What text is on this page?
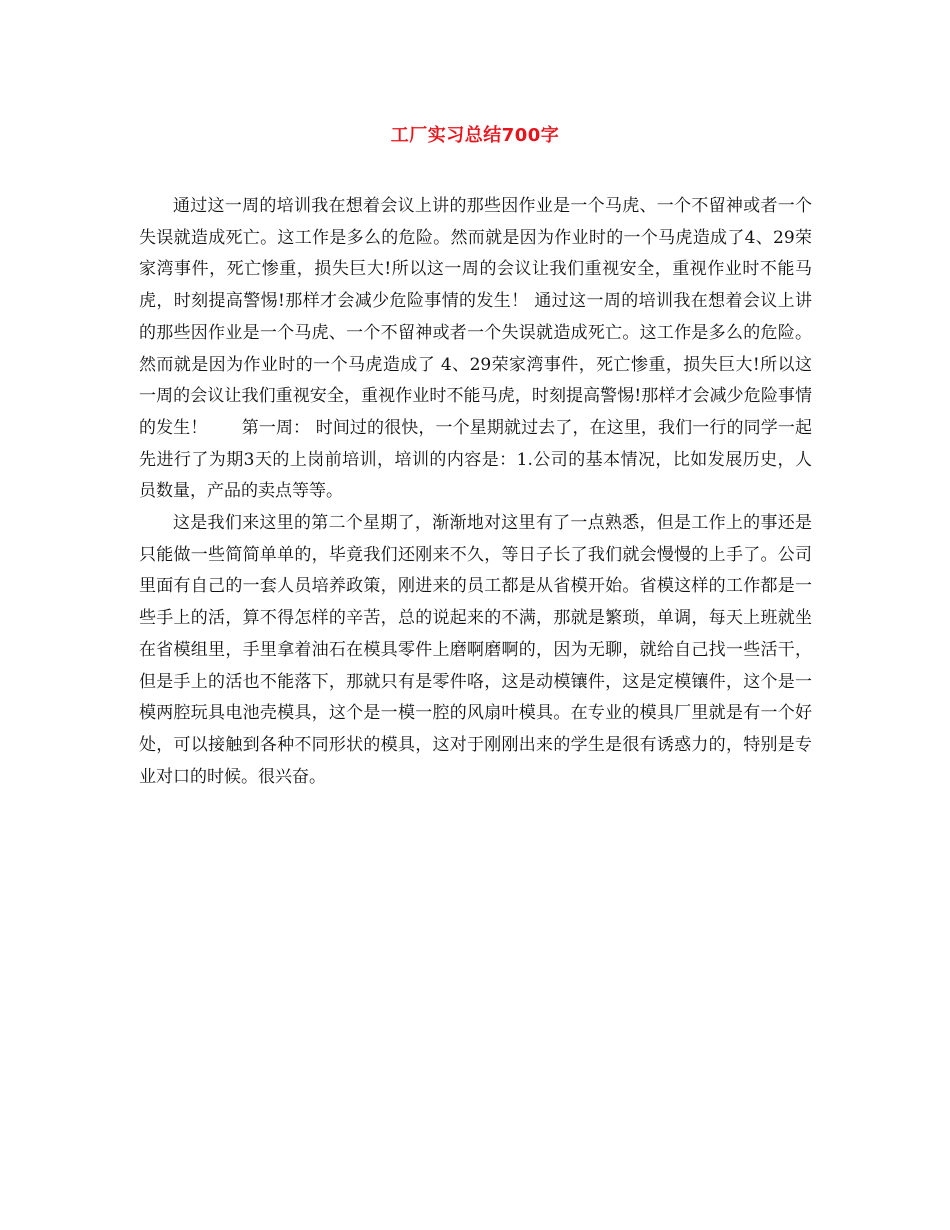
工厂实习总结700字

通过这一周的培训我在想着会议上讲的那些因作业是一个马虎、一个不留神或者一个失误就造成死亡。这工作是多么的危险。然而就是因为作业时的一个马虎造成了4、29荣家湾事件，死亡惨重，损失巨大!所以这一周的会议让我们重视安全，重视作业时不能马虎，时刻提高警惕!那样才会减少危险事情的发生！ 通过这一周的培训我在想着会议上讲的那些因作业是一个马虎、一个不留神或者一个失误就造成死亡。这工作是多么的危险。然而就是因为作业时的一个马虎造成了 4、29荣家湾事件，死亡惨重，损失巨大!所以这一周的会议让我们重视安全，重视作业时不能马虎，时刻提高警惕!那样才会减少危险事情的发生！　　第一周： 时间过的很快，一个星期就过去了，在这里，我们一行的同学一起先进行了为期3天的上岗前培训，培训的内容是：1.公司的基本情况，比如发展历史，人员数量，产品的卖点等等。

这是我们来这里的第二个星期了，渐渐地对这里有了一点熟悉，但是工作上的事还是只能做一些简简单单的，毕竟我们还刚来不久，等日子长了我们就会慢慢的上手了。公司里面有自己的一套人员培养政策，刚进来的员工都是从省模开始。省模这样的工作都是一些手上的活，算不得怎样的辛苦，总的说起来的不满，那就是繁琐，单调，每天上班就坐在省模组里，手里拿着油石在模具零件上磨啊磨啊的，因为无聊，就给自己找一些活干，但是手上的活也不能落下，那就只有是零件咯，这是动模镶件，这是定模镶件，这个是一模两腔玩具电池壳模具，这个是一模一腔的风扇叶模具。在专业的模具厂里就是有一个好处，可以接触到各种不同形状的模具，这对于刚刚出来的学生是很有诱惑力的，特别是专业对口的时候。很兴奋。
